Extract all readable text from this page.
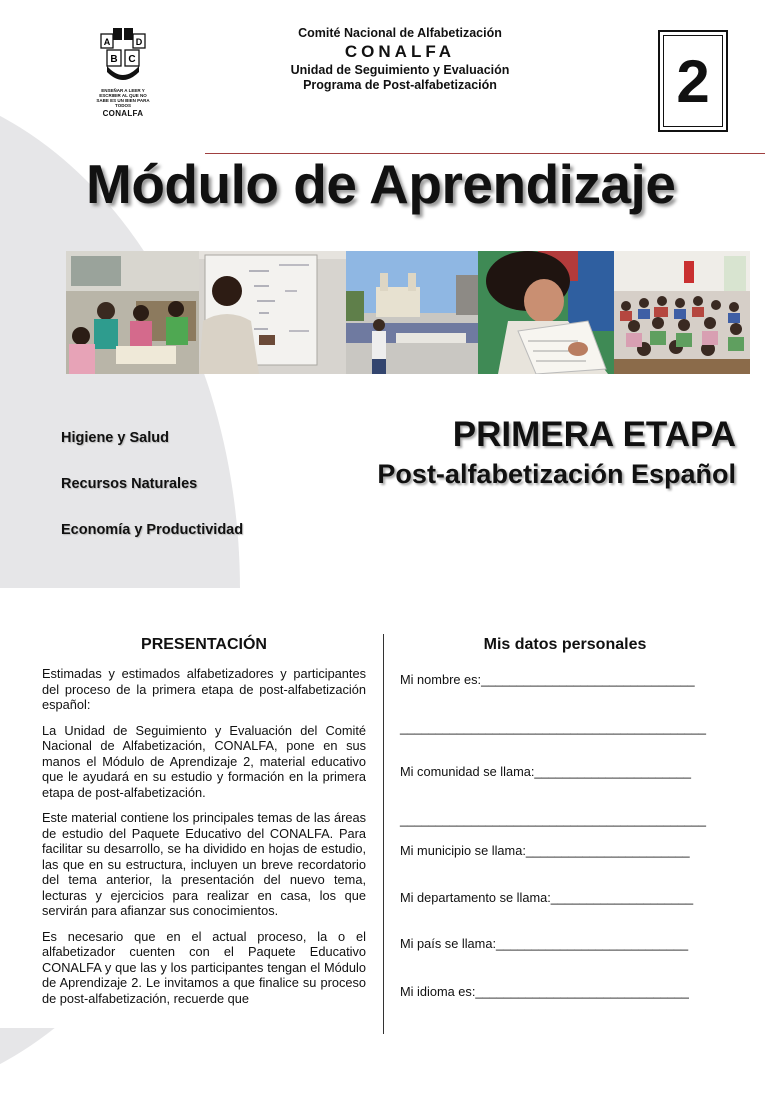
A
B C
D
ENSEÑAR A LEER Y ESCRIBIR AL QUE NO SABE ES UN BIEN PARA TODOS
CONALFA
Comité Nacional de Alfabetización
CONALFA
Unidad de Seguimiento y Evaluación
Programa de Post-alfabetización	2
Módulo de Aprendizaje
Higiene y Salud
Recursos Naturales
Economía y Productividad
PRIMERA ETAPA
Post-alfabetización Español
PRESENTACIÓN

Estimadas y estimados alfabetizadores y participantes del proceso de la primera etapa de post-alfabetización español:

La Unidad de Seguimiento y Evaluación del Comité Nacional de Alfabetización, CONALFA, pone en sus manos el Módulo de Aprendizaje 2, material educativo que le ayudará en su estudio y formación en la primera etapa de post-alfabetización.

Este material contiene los principales temas de las áreas de estudio del Paquete Educativo del CONALFA. Para facilitar su desarrollo, se ha dividido en hojas de estudio, las que en su estructura, incluyen un breve recordatorio del tema anterior, la presentación del nuevo tema, lecturas y ejercicios para realizar en casa, los que servirán para afianzar sus conocimientos.

Es necesario que en el actual proceso, la o el alfabetizador cuenten con el Paquete Educativo CONALFA y que las y los participantes tengan el Módulo de Aprendizaje 2. Le invitamos a que finalice su proceso de post-alfabetización, recuerde que

Mis datos personales
Mi nombre es:______________________________
___________________________________________
Mi comunidad se llama:______________________
___________________________________________
Mi municipio se llama:_______________________
Mi departamento se llama:____________________
Mi país se llama:___________________________
Mi idioma es:______________________________
